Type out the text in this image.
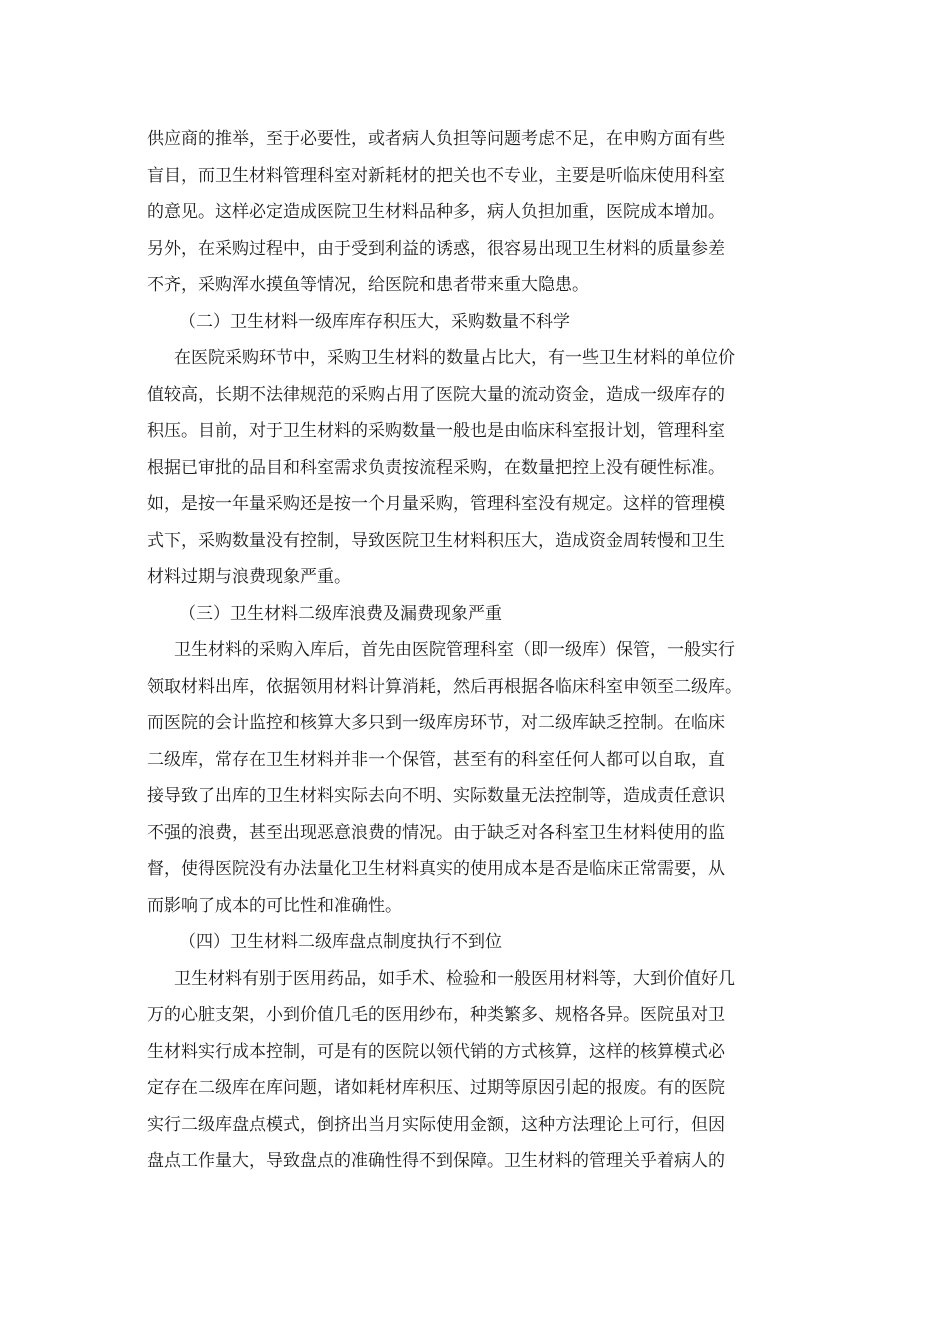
供应商的推举，至于必要性，或者病人负担等问题考虑不足，在申购方面有些
盲目，而卫生材料管理科室对新耗材的把关也不专业，主要是听临床使用科室
的意见。这样必定造成医院卫生材料品种多，病人负担加重，医院成本增加。
另外，在采购过程中，由于受到利益的诱惑，很容易出现卫生材料的质量参差
不齐，采购浑水摸鱼等情况，给医院和患者带来重大隐患。
（二）卫生材料一级库库存积压大，采购数量不科学
在医院采购环节中，采购卫生材料的数量占比大，有一些卫生材料的单位价
值较高，长期不法律规范的采购占用了医院大量的流动资金，造成一级库存的
积压。目前，对于卫生材料的采购数量一般也是由临床科室报计划，管理科室
根据已审批的品目和科室需求负责按流程采购，在数量把控上没有硬性标准。
如，是按一年量采购还是按一个月量采购，管理科室没有规定。这样的管理模
式下，采购数量没有控制，导致医院卫生材料积压大，造成资金周转慢和卫生
材料过期与浪费现象严重。
（三）卫生材料二级库浪费及漏费现象严重
卫生材料的采购入库后，首先由医院管理科室（即一级库）保管，一般实行
领取材料出库，依据领用材料计算消耗，然后再根据各临床科室申领至二级库。
而医院的会计监控和核算大多只到一级库房环节，对二级库缺乏控制。在临床
二级库，常存在卫生材料并非一个保管，甚至有的科室任何人都可以自取，直
接导致了出库的卫生材料实际去向不明、实际数量无法控制等，造成责任意识
不强的浪费，甚至出现恶意浪费的情况。由于缺乏对各科室卫生材料使用的监
督，使得医院没有办法量化卫生材料真实的使用成本是否是临床正常需要，从
而影响了成本的可比性和准确性。
（四）卫生材料二级库盘点制度执行不到位
卫生材料有别于医用药品，如手术、检验和一般医用材料等，大到价值好几
万的心脏支架，小到价值几毛的医用纱布，种类繁多、规格各异。医院虽对卫
生材料实行成本控制，可是有的医院以领代销的方式核算，这样的核算模式必
定存在二级库在库问题，诸如耗材库积压、过期等原因引起的报废。有的医院
实行二级库盘点模式，倒挤出当月实际使用金额，这种方法理论上可行，但因
盘点工作量大，导致盘点的准确性得不到保障。卫生材料的管理关乎着病人的
